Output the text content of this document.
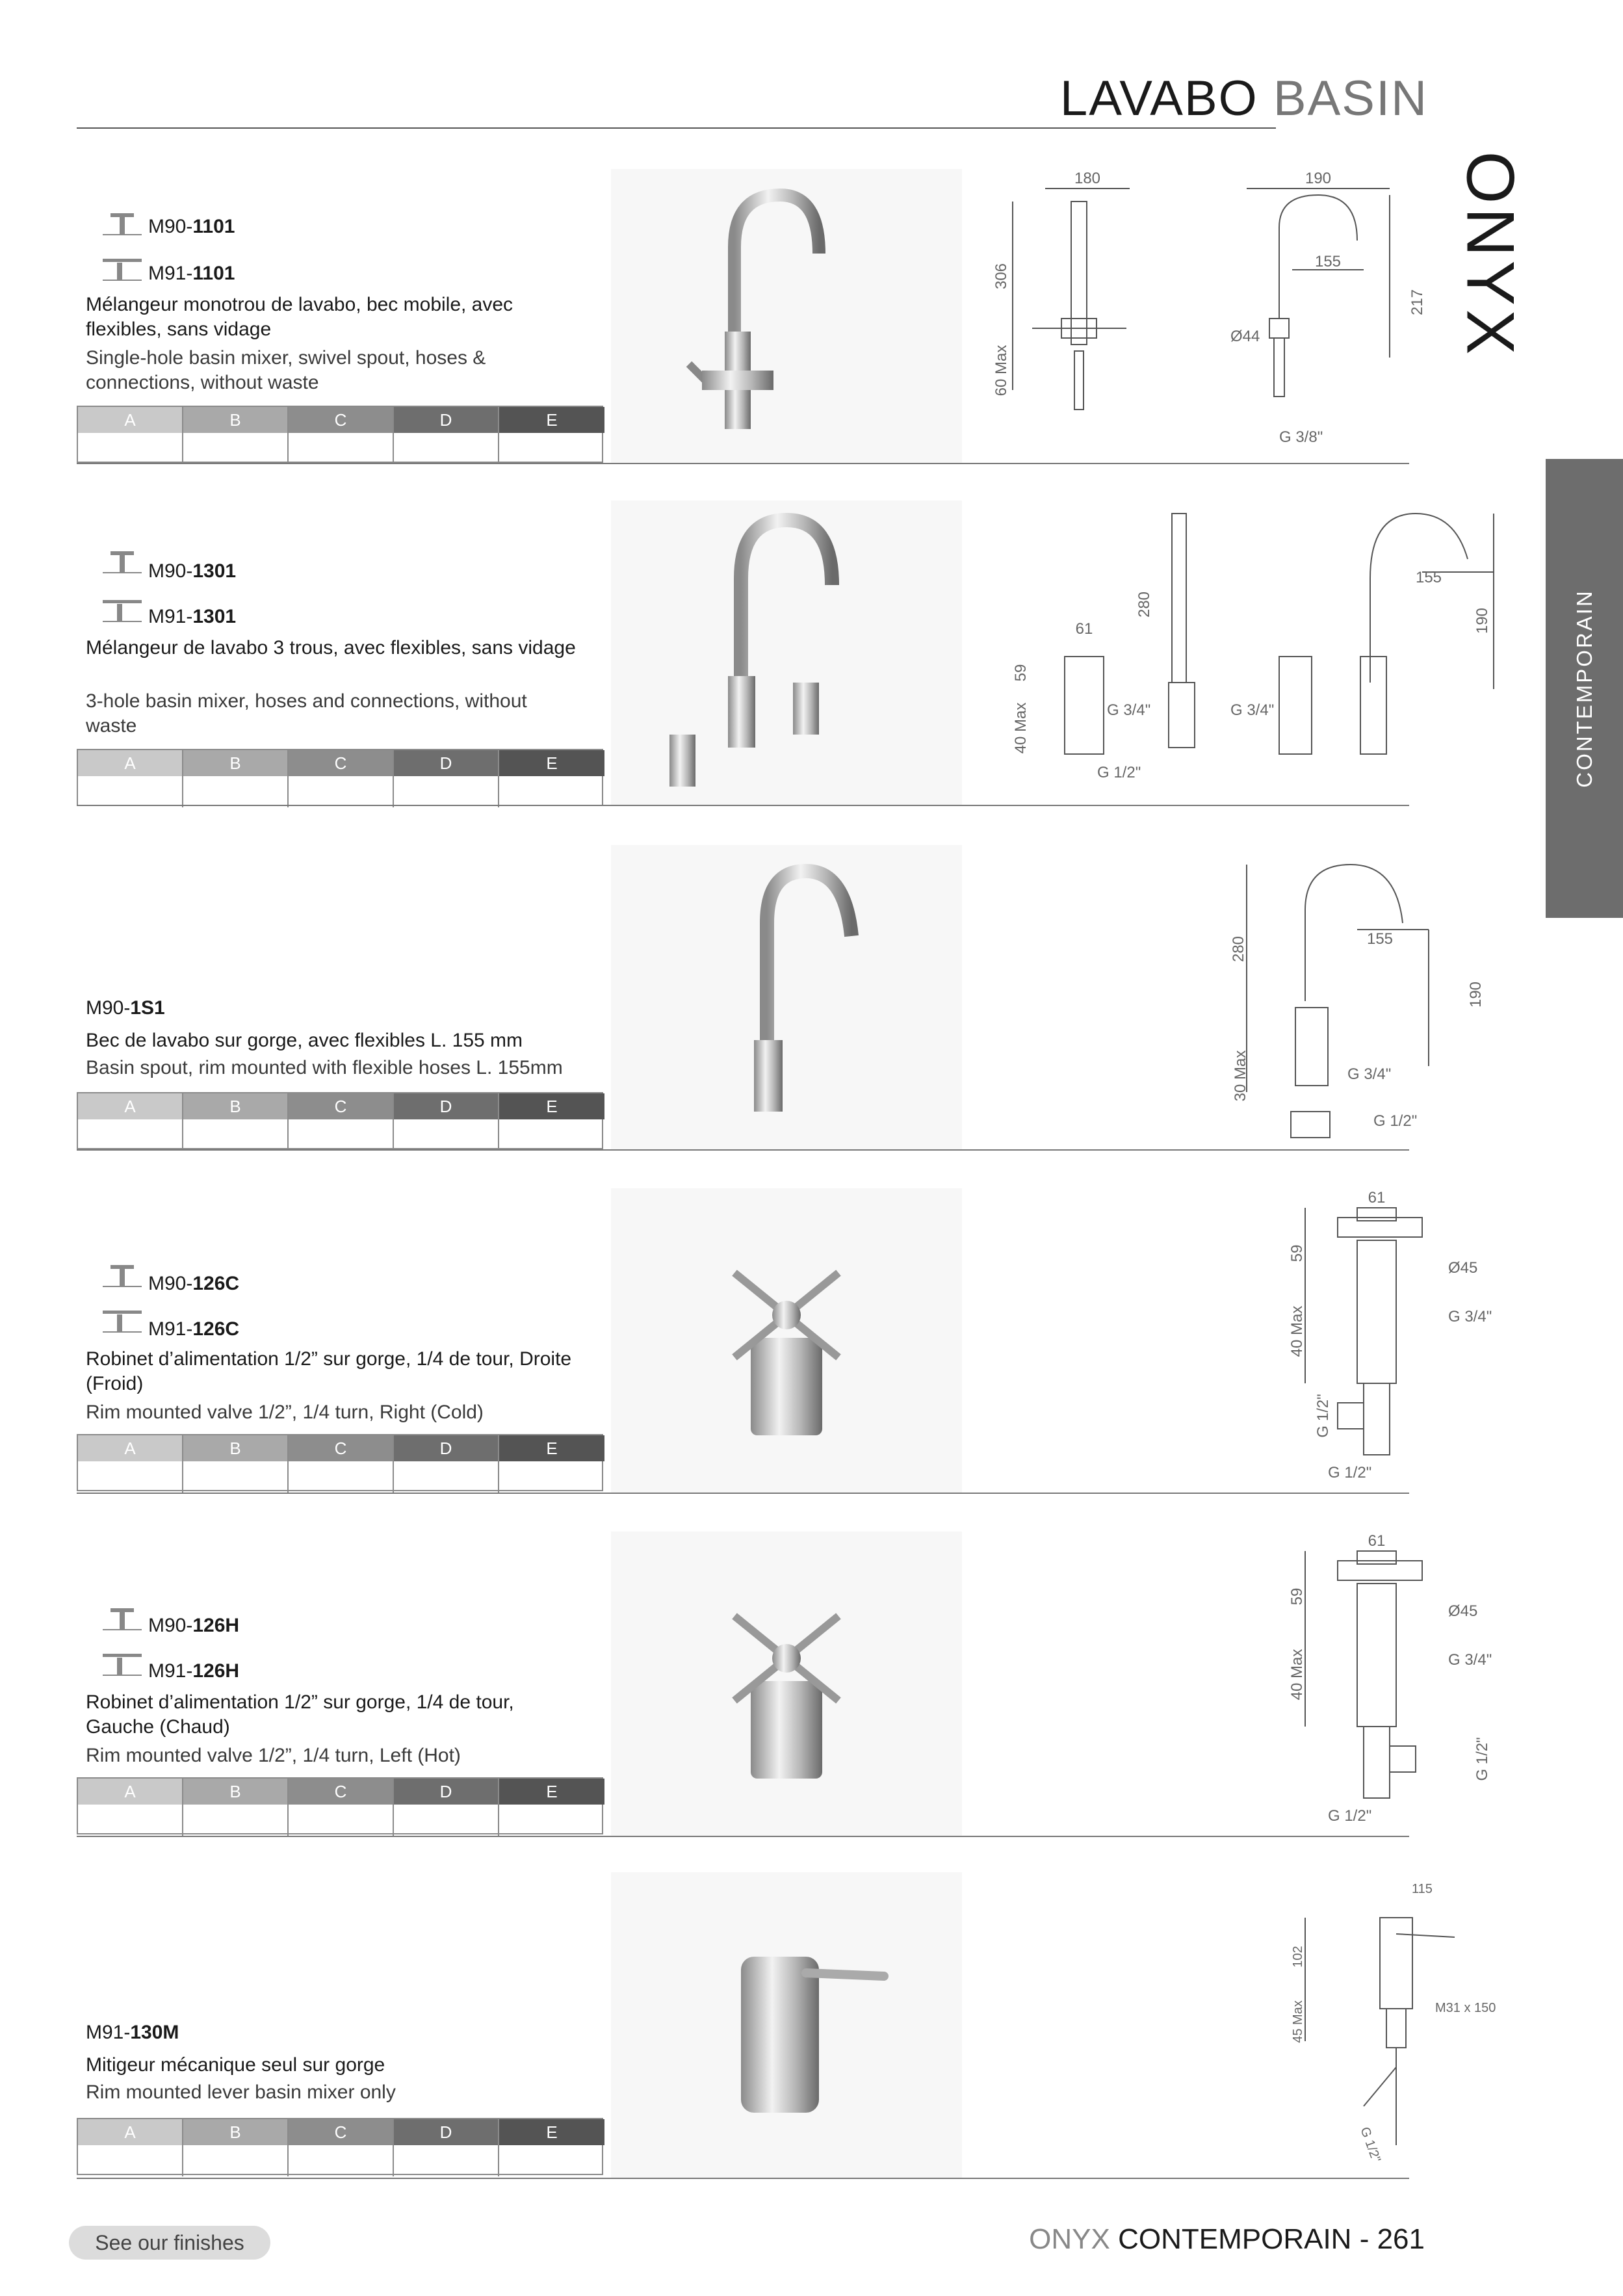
LAVABO BASIN
ONYX
CONTEMPORAIN
M90-1101
M91-1101
Mélangeur monotrou de lavabo, bec mobile, avec flexibles, sans vidage
Single-hole basin mixer, swivel spout, hoses & connections, without waste
A	B	C	D	E
180
306
60 Max
190
155
217
Ø44
G 3/8"
M90-1301
M91-1301
Mélangeur de lavabo 3 trous, avec flexibles, sans vidage
3-hole basin mixer, hoses and connections, without waste
A	B	C	D	E
61
59
40 Max	G 3/4"
280
G 3/4"
155
190
G 1/2"
M90-1S1
Bec de lavabo sur gorge, avec flexibles L. 155 mm
Basin spout, rim mounted with flexible hoses L. 155mm
A	B	C	D	E
280	155
190
30 Max	G 3/4"
G 1/2"
M90-126C
M91-126C
Robinet d’alimentation 1/2” sur gorge, 1/4 de tour, Droite (Froid)
Rim mounted valve 1/2”, 1/4 turn, Right (Cold)
A	B	C	D	E
61
59
Ø45
40 Max	G 3/4"
G 1/2"
G 1/2"
M90-126H
M91-126H
Robinet d’alimentation 1/2” sur gorge, 1/4 de tour, Gauche (Chaud)
Rim mounted valve 1/2”, 1/4 turn, Left (Hot)
A	B	C	D	E
61
59
Ø45
40 Max	G 3/4"
G 1/2"
G 1/2"
M91-130M
Mitigeur mécanique seul sur gorge
Rim mounted lever basin mixer only
A	B	C	D	E
115
102
45 Max	M31 x 150
G 1/2"
See our finishes	ONYX CONTEMPORAIN - 261
